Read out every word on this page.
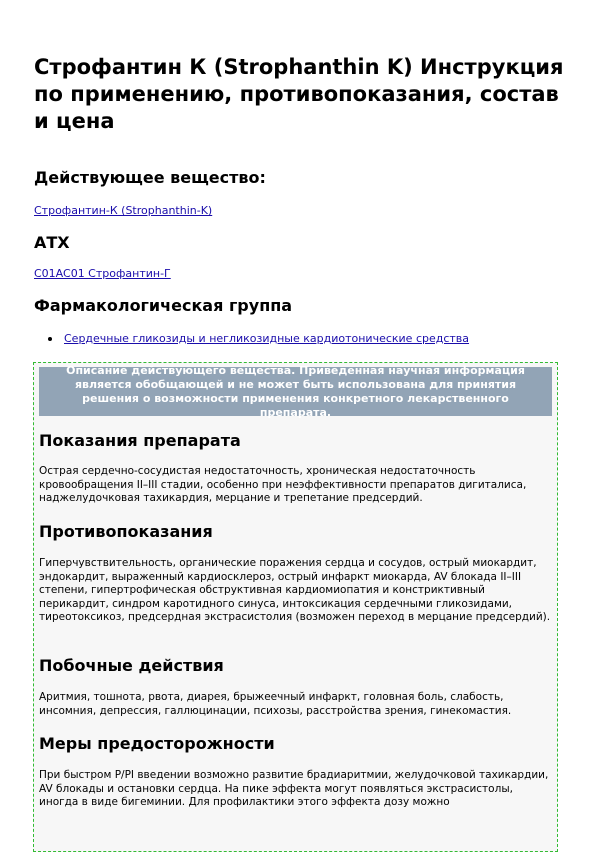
Строфантин К (Strophanthin K) Инструкция по применению, противопоказания, состав и цена
Действующее вещество:
Строфантин-К (Strophanthin-K)
АТХ
C01AC01 Строфантин-Г
Фармакологическая группа
Сердечные гликозиды и негликозидные кардиотонические средства
Описание действующего вещества. Приведенная научная информация является обобщающей и не может быть использована для принятия решения о возможности применения конкретного лекарственного препарата.
Показания препарата

Острая сердечно-сосудистая недостаточность, хроническая недостаточность кровообращения II–III стадии, особенно при неэффективности препаратов дигиталиса, наджелудочковая тахикардия, мерцание и трепетание предсердий.

Противопоказания

Гиперчувствительность, органические поражения сердца и сосудов, острый миокардит, эндокардит, выраженный кардиосклероз, острый инфаркт миокарда, AV блокада II–III степени, гипертрофическая обструктивная кардиомиопатия и констриктивный перикардит, синдром каротидного синуса, интоксикация сердечными гликозидами, тиреотоксикоз, предсердная экстрасистолия (возможен переход в мерцание предсердий).

Побочные действия

Аритмия, тошнота, рвота, диарея, брыжеечный инфаркт, головная боль, слабость, инсомния, депрессия, галлюцинации, психозы, расстройства зрения, гинекомастия.

Меры предосторожности

При быстром P/PI введении возможно развитие брадиаритмии, желудочковой тахикардии, AV блокады и остановки сердца. На пике эффекта могут появляться экстрасистолы, иногда в виде бигеминии. Для профилактики этого эффекта дозу можно
